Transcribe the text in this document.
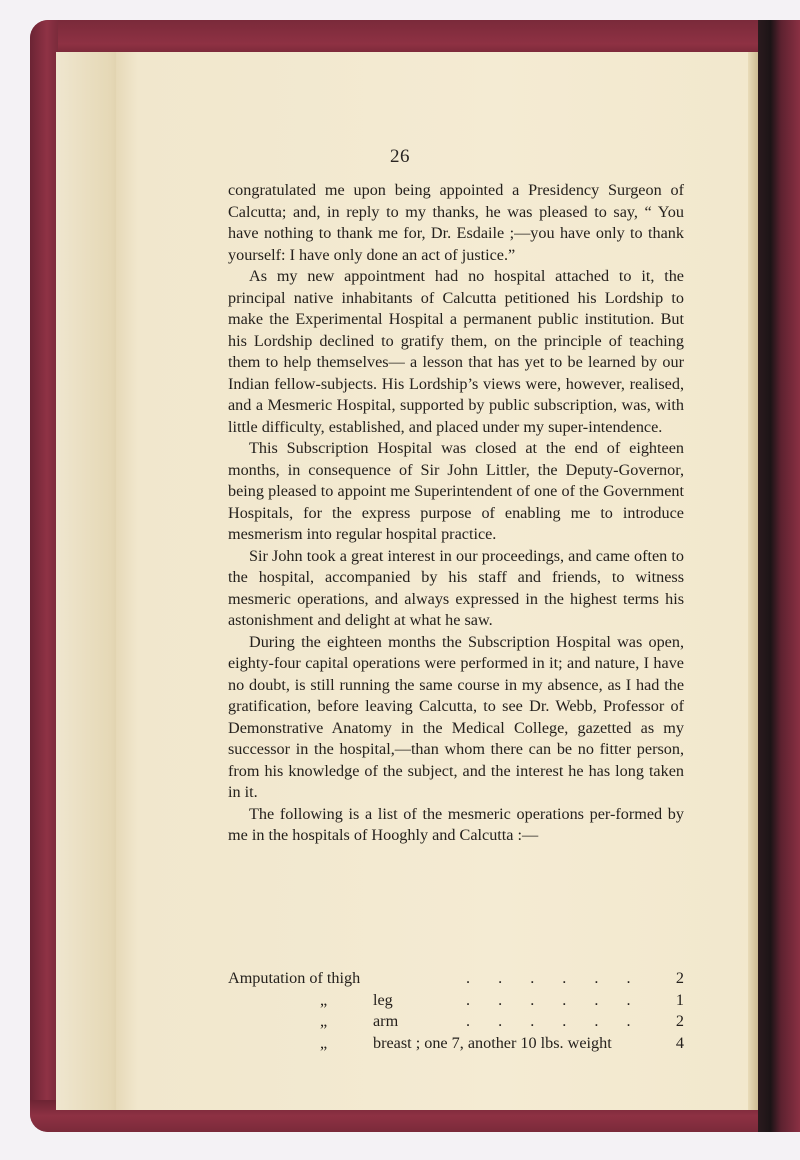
26

congratulated me upon being appointed a Presidency Surgeon of Calcutta; and, in reply to my thanks, he was pleased to say, “ You have nothing to thank me for, Dr. Esdaile ;—you have only to thank yourself: I have only done an act of justice.”

As my new appointment had no hospital attached to it, the principal native inhabitants of Calcutta petitioned his Lordship to make the Experimental Hospital a permanent public institution. But his Lordship declined to gratify them, on the principle of teaching them to help themselves— a lesson that has yet to be learned by our Indian fellow-subjects. His Lordship’s views were, however, realised, and a Mesmeric Hospital, supported by public subscription, was, with little difficulty, established, and placed under my super-intendence.

This Subscription Hospital was closed at the end of eighteen months, in consequence of Sir John Littler, the Deputy-Governor, being pleased to appoint me Superintendent of one of the Government Hospitals, for the express purpose of enabling me to introduce mesmerism into regular hospital practice.

Sir John took a great interest in our proceedings, and came often to the hospital, accompanied by his staff and friends, to witness mesmeric operations, and always expressed in the highest terms his astonishment and delight at what he saw.

During the eighteen months the Subscription Hospital was open, eighty-four capital operations were performed in it; and nature, I have no doubt, is still running the same course in my absence, as I had the gratification, before leaving Calcutta, to see Dr. Webb, Professor of Demonstrative Anatomy in the Medical College, gazetted as my successor in the hospital,—than whom there can be no fitter person, from his knowledge of the subject, and the interest he has long taken in it.

The following is a list of the mesmeric operations per-formed by me in the hospitals of Hooghly and Calcutta :—

Amputation of thigh	. . . . . . 2
„	leg	. . . . . . 1
„	arm	. . . . . . 2
„	breast ; one 7, another 10 lbs. weight	4
